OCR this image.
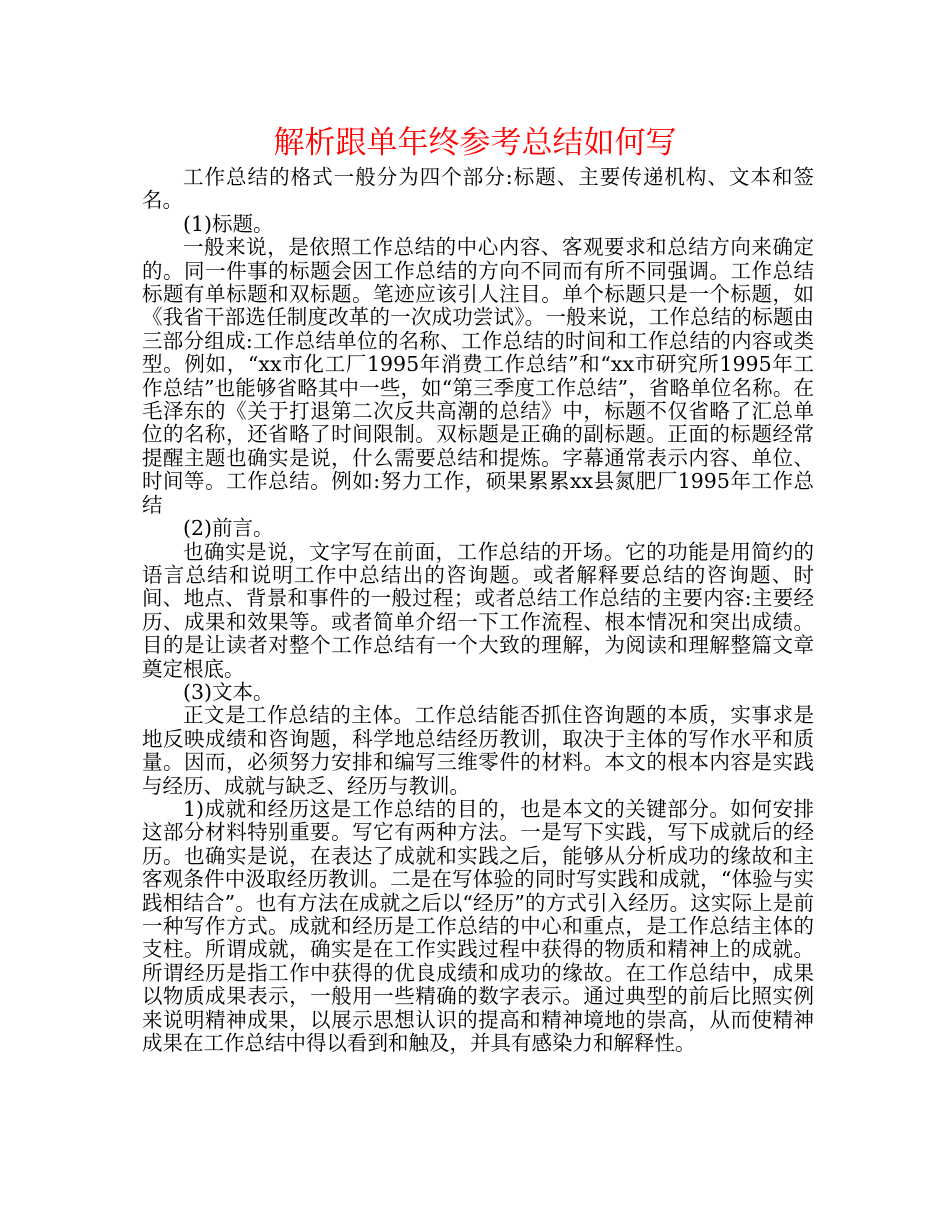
解析跟单年终参考总结如何写

工作总结的格式一般分为四个部分:标题、主要传递机构、文本和签名。

(1)标题。

一般来说，是依照工作总结的中心内容、客观要求和总结方向来确定的。同一件事的标题会因工作总结的方向不同而有所不同强调。工作总结标题有单标题和双标题。笔迹应该引人注目。单个标题只是一个标题，如《我省干部选任制度改革的一次成功尝试》。一般来说，工作总结的标题由三部分组成:工作总结单位的名称、工作总结的时间和工作总结的内容或类型。例如，“xx市化工厂1995年消费工作总结”和“xx市研究所1995年工作总结”也能够省略其中一些，如“第三季度工作总结”，省略单位名称。在毛泽东的《关于打退第二次反共高潮的总结》中，标题不仅省略了汇总单位的名称，还省略了时间限制。双标题是正确的副标题。正面的标题经常提醒主题也确实是说，什么需要总结和提炼。字幕通常表示内容、单位、时间等。工作总结。例如:努力工作，硕果累累xx县氮肥厂1995年工作总结

(2)前言。

也确实是说，文字写在前面，工作总结的开场。它的功能是用简约的语言总结和说明工作中总结出的咨询题。或者解释要总结的咨询题、时间、地点、背景和事件的一般过程；或者总结工作总结的主要内容:主要经历、成果和效果等。或者简单介绍一下工作流程、根本情况和突出成绩。目的是让读者对整个工作总结有一个大致的理解，为阅读和理解整篇文章奠定根底。

(3)文本。

正文是工作总结的主体。工作总结能否抓住咨询题的本质，实事求是地反映成绩和咨询题，科学地总结经历教训，取决于主体的写作水平和质量。因而，必须努力安排和编写三维零件的材料。本文的根本内容是实践与经历、成就与缺乏、经历与教训。

1)成就和经历这是工作总结的目的，也是本文的关键部分。如何安排这部分材料特别重要。写它有两种方法。一是写下实践，写下成就后的经历。也确实是说，在表达了成就和实践之后，能够从分析成功的缘故和主客观条件中汲取经历教训。二是在写体验的同时写实践和成就，“体验与实践相结合”。也有方法在成就之后以“经历”的方式引入经历。这实际上是前一种写作方式。成就和经历是工作总结的中心和重点，是工作总结主体的支柱。所谓成就，确实是在工作实践过程中获得的物质和精神上的成就。所谓经历是指工作中获得的优良成绩和成功的缘故。在工作总结中，成果以物质成果表示，一般用一些精确的数字表示。通过典型的前后比照实例来说明精神成果，以展示思想认识的提高和精神境地的崇高，从而使精神成果在工作总结中得以看到和触及，并具有感染力和解释性。
